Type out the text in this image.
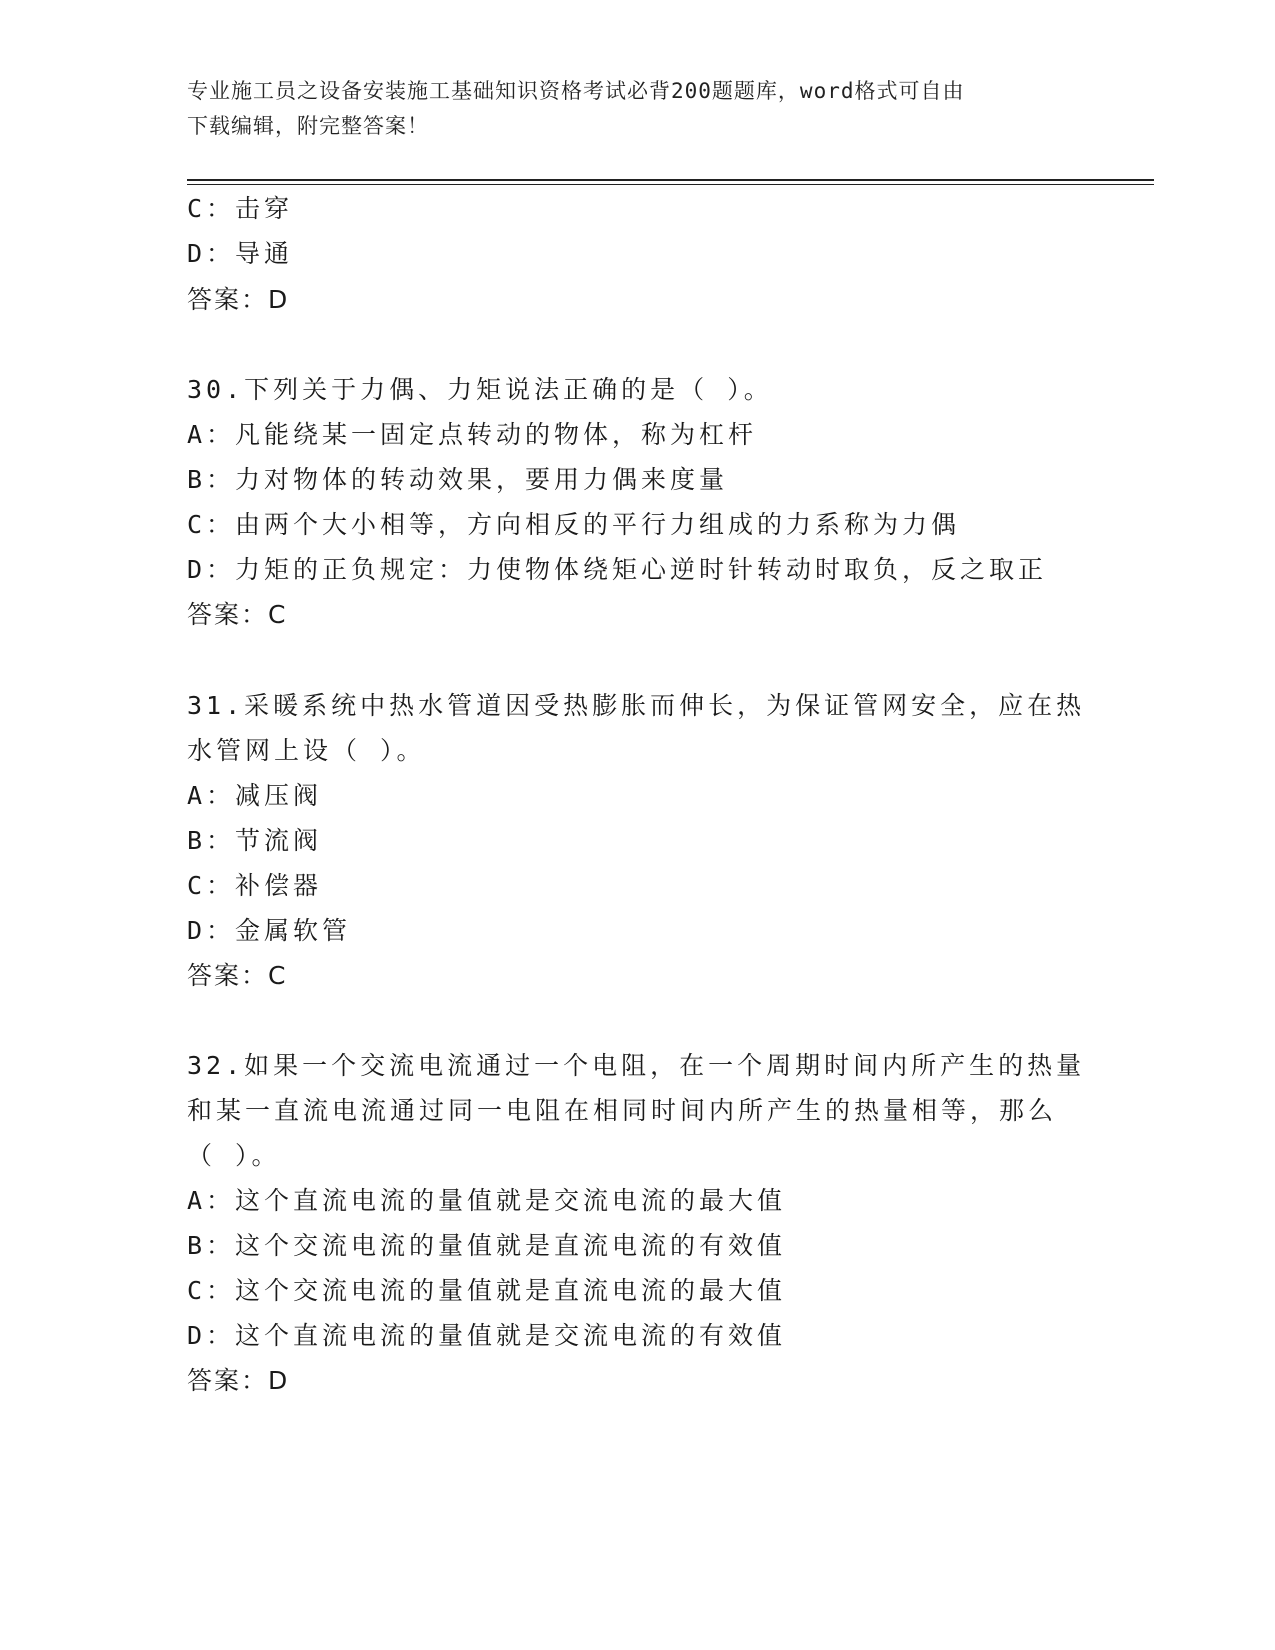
专业施工员之设备安装施工基础知识资格考试必背200题题库，word格式可自由
下载编辑，附完整答案！
C：击穿
D：导通
答案：D
30.下列关于力偶、力矩说法正确的是（ ）。
A：凡能绕某一固定点转动的物体，称为杠杆
B：力对物体的转动效果，要用力偶来度量
C：由两个大小相等，方向相反的平行力组成的力系称为力偶
D：力矩的正负规定：力使物体绕矩心逆时针转动时取负，反之取正
答案：C
31.采暖系统中热水管道因受热膨胀而伸长，为保证管网安全，应在热
水管网上设（ ）。
A：减压阀
B：节流阀
C：补偿器
D：金属软管
答案：C
32.如果一个交流电流通过一个电阻，在一个周期时间内所产生的热量
和某一直流电流通过同一电阻在相同时间内所产生的热量相等，那么
（ ）。
A：这个直流电流的量值就是交流电流的最大值
B：这个交流电流的量值就是直流电流的有效值
C：这个交流电流的量值就是直流电流的最大值
D：这个直流电流的量值就是交流电流的有效值
答案：D
